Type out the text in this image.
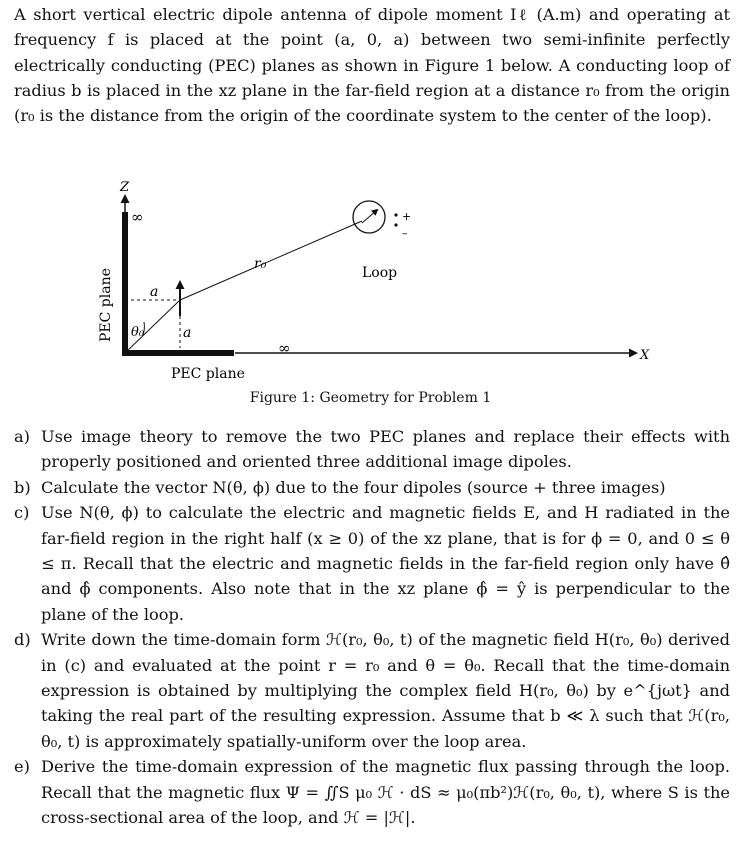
A short vertical electric dipole antenna of dipole moment Iℓ (A.m) and operating at frequency f is placed at the point (a, 0, a) between two semi-infinite perfectly electrically conducting (PEC) planes as shown in Figure 1 below. A conducting loop of radius b is placed in the xz plane in the far-field region at a distance r₀ from the origin (r₀ is the distance from the origin of the coordinate system to the center of the loop).

Z
X
∞
∞
PEC plane
PEC plane
a
a
θ₀
r₀
+
–
Loop
Figure 1: Geometry for Problem 1
a) Use image theory to remove the two PEC planes and replace their effects with properly positioned and oriented three additional image dipoles.
b) Calculate the vector N(θ, ϕ) due to the four dipoles (source + three images)
c) Use N(θ, ϕ) to calculate the electric and magnetic fields E, and H radiated in the far-field region in the right half (x ≥ 0) of the xz plane, that is for ϕ = 0, and 0 ≤ θ ≤ π. Recall that the electric and magnetic fields in the far-field region only have θ̂ and ϕ̂ components. Also note that in the xz plane ϕ̂ = ŷ is perpendicular to the plane of the loop.
d) Write down the time-domain form ℋ(r₀, θ₀, t) of the magnetic field H(r₀, θ₀) derived in (c) and evaluated at the point r = r₀ and θ = θ₀. Recall that the time-domain expression is obtained by multiplying the complex field H(r₀, θ₀) by e^{jωt} and taking the real part of the resulting expression. Assume that b ≪ λ such that ℋ(r₀, θ₀, t) is approximately spatially-uniform over the loop area.
e) Derive the time-domain expression of the magnetic flux passing through the loop. Recall that the magnetic flux Ψ = ∬S μ₀ ℋ · dS ≈ μ₀(πb²)ℋ(r₀, θ₀, t), where S is the cross-sectional area of the loop, and ℋ = |ℋ|.
